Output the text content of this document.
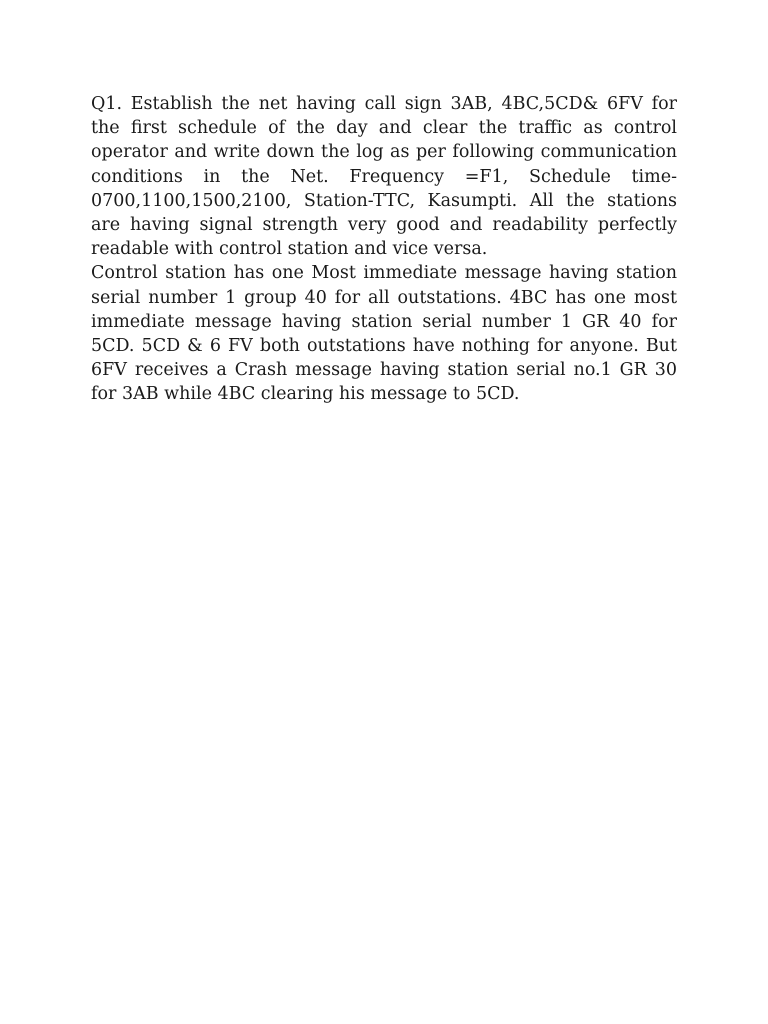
Q1. Establish the net having call sign 3AB, 4BC,5CD& 6FV for the first schedule of the day and clear the traffic as control operator and write down the log as per following communication conditions in the Net. Frequency =F1, Schedule time- 0700,1100,1500,2100, Station-TTC, Kasumpti. All the stations are having signal strength very good and readability perfectly readable with control station and vice versa.

Control station has one Most immediate message having station serial number 1 group 40 for all outstations. 4BC has one most immediate message having station serial number 1 GR 40 for 5CD. 5CD & 6 FV both outstations have nothing for anyone. But 6FV receives a Crash message having station serial no.1 GR 30 for 3AB while 4BC clearing his message to 5CD.
